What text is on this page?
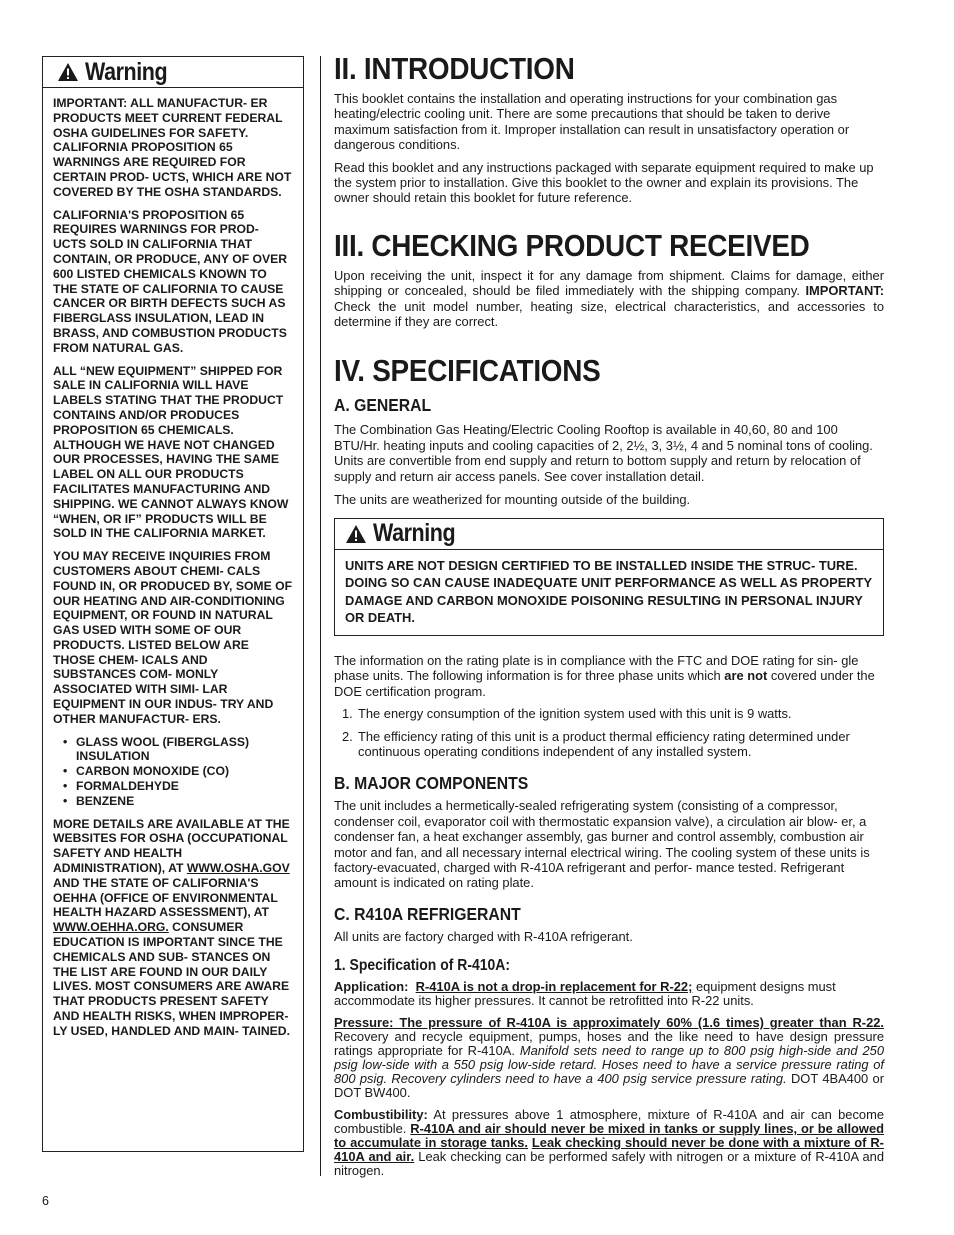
Warning

IMPORTANT: ALL MANUFACTUR- ER PRODUCTS MEET CURRENT FEDERAL OSHA GUIDELINES FOR SAFETY. CALIFORNIA PROPOSITION 65 WARNINGS ARE REQUIRED FOR CERTAIN PROD- UCTS, WHICH ARE NOT COVERED BY THE OSHA STANDARDS.

CALIFORNIA'S PROPOSITION 65 REQUIRES WARNINGS FOR PROD- UCTS SOLD IN CALIFORNIA THAT CONTAIN, OR PRODUCE, ANY OF OVER 600 LISTED CHEMICALS KNOWN TO THE STATE OF CALIFORNIA TO CAUSE CANCER OR BIRTH DEFECTS SUCH AS FIBERGLASS INSULATION, LEAD IN BRASS, AND COMBUSTION PRODUCTS FROM NATURAL GAS.

ALL “NEW EQUIPMENT” SHIPPED FOR SALE IN CALIFORNIA WILL HAVE LABELS STATING THAT THE PRODUCT CONTAINS AND/OR PRODUCES PROPOSITION 65 CHEMICALS. ALTHOUGH WE HAVE NOT CHANGED OUR PROCESSES, HAVING THE SAME LABEL ON ALL OUR PRODUCTS FACILITATES MANUFACTURING AND SHIPPING. WE CANNOT ALWAYS KNOW “WHEN, OR IF” PRODUCTS WILL BE SOLD IN THE CALIFORNIA MARKET.

YOU MAY RECEIVE INQUIRIES FROM CUSTOMERS ABOUT CHEMI- CALS FOUND IN, OR PRODUCED BY, SOME OF OUR HEATING AND AIR-CONDITIONING EQUIPMENT, OR FOUND IN NATURAL GAS USED WITH SOME OF OUR PRODUCTS. LISTED BELOW ARE THOSE CHEM- ICALS AND SUBSTANCES COM- MONLY ASSOCIATED WITH SIMI- LAR EQUIPMENT IN OUR INDUS- TRY AND OTHER MANUFACTUR- ERS.

• GLASS WOOL (FIBERGLASS) INSULATION
• CARBON MONOXIDE (CO)
• FORMALDEHYDE
• BENZENE

MORE DETAILS ARE AVAILABLE AT THE WEBSITES FOR OSHA (OCCUPATIONAL SAFETY AND HEALTH ADMINISTRATION), AT WWW.OSHA.GOV AND THE STATE OF CALIFORNIA'S OEHHA (OFFICE OF ENVIRONMENTAL HEALTH HAZARD ASSESSMENT), AT WWW.OEHHA.ORG. CONSUMER EDUCATION IS IMPORTANT SINCE THE CHEMICALS AND SUB- STANCES ON THE LIST ARE FOUND IN OUR DAILY LIVES. MOST CONSUMERS ARE AWARE THAT PRODUCTS PRESENT SAFETY AND HEALTH RISKS, WHEN IMPROPER- LY USED, HANDLED AND MAIN- TAINED.

II. INTRODUCTION

This booklet contains the installation and operating instructions for your combination gas heating/electric cooling unit. There are some precautions that should be taken to derive maximum satisfaction from it. Improper installation can result in unsatisfactory operation or dangerous conditions.

Read this booklet and any instructions packaged with separate equipment required to make up the system prior to installation. Give this booklet to the owner and explain its provisions. The owner should retain this booklet for future reference.

III. CHECKING PRODUCT RECEIVED

Upon receiving the unit, inspect it for any damage from shipment. Claims for damage, either shipping or concealed, should be filed immediately with the shipping company. IMPORTANT: Check the unit model number, heating size, electrical characteristics, and accessories to determine if they are correct.

IV. SPECIFICATIONS
A. GENERAL

The Combination Gas Heating/Electric Cooling Rooftop is available in 40,60, 80 and 100 BTU/Hr. heating inputs and cooling capacities of 2, 2½, 3, 3½, 4 and 5 nominal tons of cooling. Units are convertible from end supply and return to bottom supply and return by relocation of supply and return air access panels. See cover installation detail.

The units are weatherized for mounting outside of the building.

Warning
UNITS ARE NOT DESIGN CERTIFIED TO BE INSTALLED INSIDE THE STRUC- TURE. DOING SO CAN CAUSE INADEQUATE UNIT PERFORMANCE AS WELL AS PROPERTY DAMAGE AND CARBON MONOXIDE POISONING RESULTING IN PERSONAL INJURY OR DEATH.

The information on the rating plate is in compliance with the FTC and DOE rating for sin- gle phase units. The following information is for three phase units which are not covered under the DOE certification program.

1. The energy consumption of the ignition system used with this unit is 9 watts.
2. The efficiency rating of this unit is a product thermal efficiency rating determined under continuous operating conditions independent of any installed system.
B. MAJOR COMPONENTS

The unit includes a hermetically-sealed refrigerating system (consisting of a compressor, condenser coil, evaporator coil with thermostatic expansion valve), a circulation air blow- er, a condenser fan, a heat exchanger assembly, gas burner and control assembly, combustion air motor and fan, and all necessary internal electrical wiring. The cooling system of these units is factory-evacuated, charged with R-410A refrigerant and perfor- mance tested. Refrigerant amount is indicated on rating plate.

C. R410A REFRIGERANT

All units are factory charged with R-410A refrigerant.

1. Specification of R-410A:

Application: R-410A is not a drop-in replacement for R-22; equipment designs must accommodate its higher pressures. It cannot be retrofitted into R-22 units.

Pressure: The pressure of R-410A is approximately 60% (1.6 times) greater than R-22. Recovery and recycle equipment, pumps, hoses and the like need to have design pressure ratings appropriate for R-410A. Manifold sets need to range up to 800 psig high-side and 250 psig low-side with a 550 psig low-side retard. Hoses need to have a service pressure rating of 800 psig. Recovery cylinders need to have a 400 psig service pressure rating. DOT 4BA400 or DOT BW400.

Combustibility: At pressures above 1 atmosphere, mixture of R-410A and air can become combustible. R-410A and air should never be mixed in tanks or supply lines, or be allowed to accumulate in storage tanks. Leak checking should never be done with a mixture of R-410A and air. Leak checking can be performed safely with nitrogen or a mixture of R-410A and nitrogen.

6
